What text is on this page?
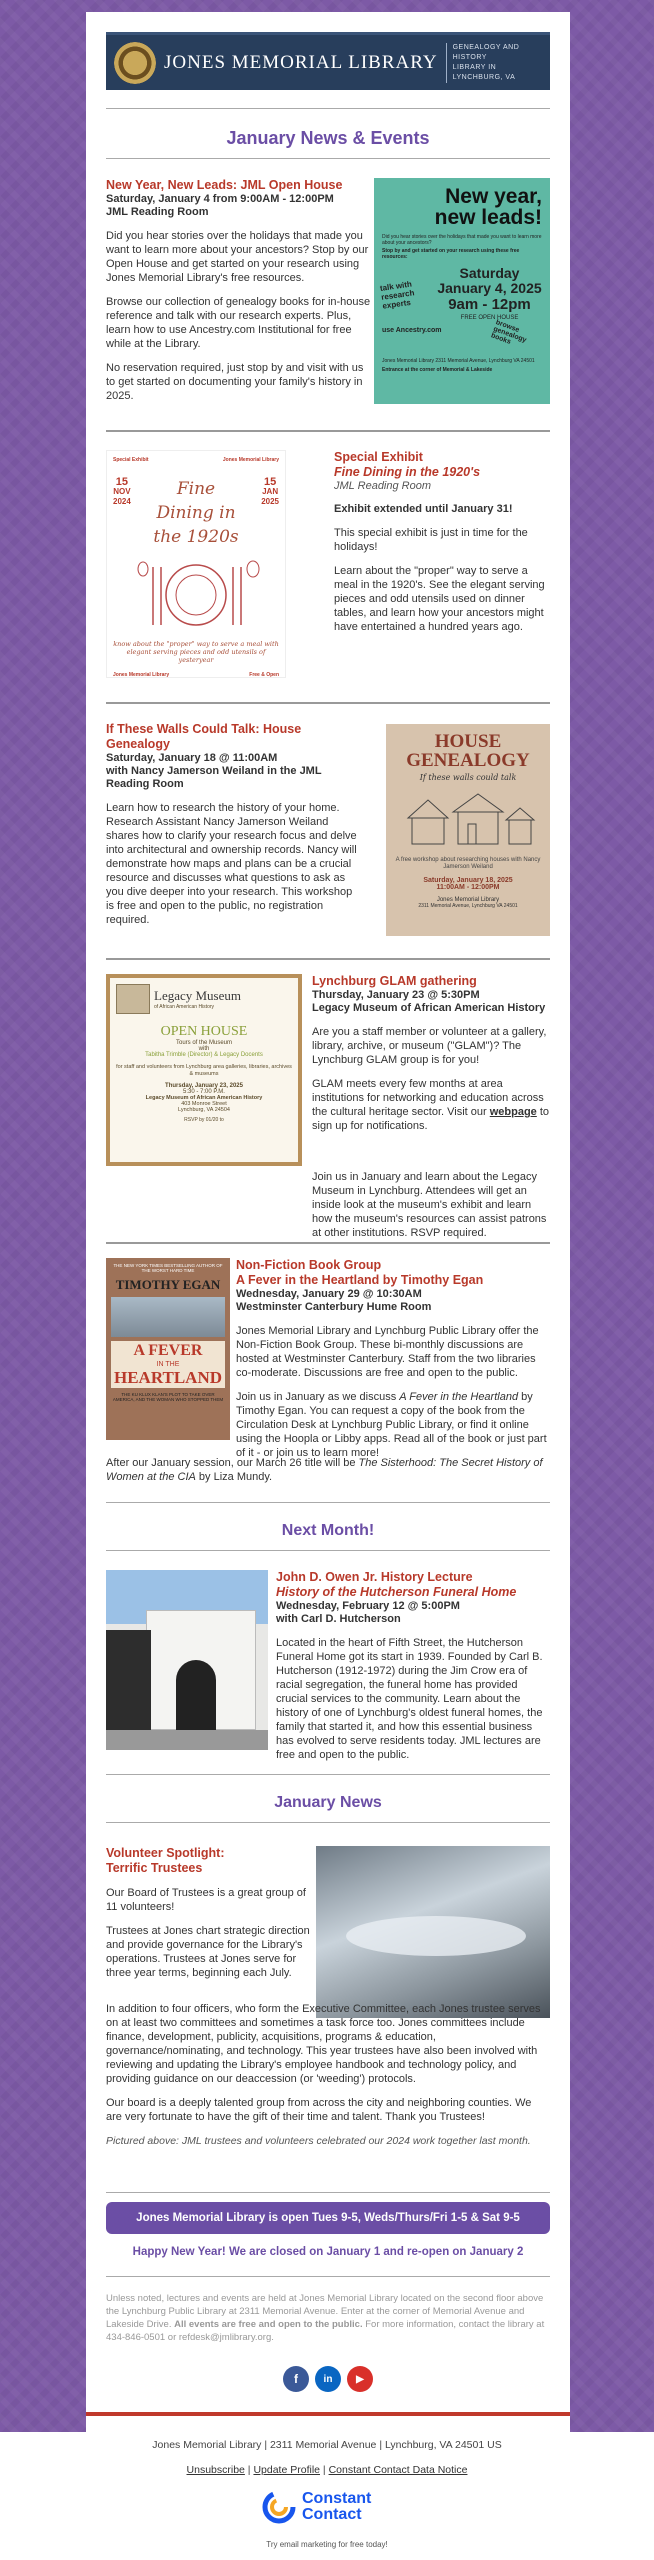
JONES MEMORIAL LIBRARY
GENEALOGY AND HISTORY
LIBRARY IN LYNCHBURG, VA
January News & Events
New Year, New Leads: JML Open House
Saturday, January 4 from 9:00AM - 12:00PM
JML Reading Room

Did you hear stories over the holidays that made you want to learn more about your ancestors? Stop by our Open House and get started on your research using Jones Memorial Library's free resources.

Browse our collection of genealogy books for in-house reference and talk with our research experts. Plus, learn how to use Ancestry.com Institutional for free while at the Library.

No reservation required, just stop by and visit with us to get started on documenting your family's history in 2025.

New year, new leads!
Did you hear stories over the holidays that made you want to learn more about your ancestors?
Stop by and get started on your research using these free resources:
talk with research experts
Saturday January 4, 2025
9am - 12pm
FREE OPEN HOUSE
use Ancestry.com	browse genealogy books
Jones Memorial Library 2311 Memorial Avenue, Lynchburg VA 24501
Entrance at the corner of Memorial & Lakeside
Special Exhibit	Jones Memorial Library
15
NOV
2024
Fine Dining in the 1920s
15
JAN
2025
know about the "proper" way to serve a meal with elegant serving pieces and odd utensils of yesteryear
Jones Memorial Library	Free & Open
Special Exhibit
Fine Dining in the 1920's
JML Reading Room

Exhibit extended until January 31!

This special exhibit is just in time for the holidays!

Learn about the "proper" way to serve a meal in the 1920's. See the elegant serving pieces and odd utensils used on dinner tables, and learn how your ancestors might have entertained a hundred years ago.

If These Walls Could Talk: House Genealogy
Saturday, January 18 @ 11:00AM
with Nancy Jamerson Weiland in the JML Reading Room

Learn how to research the history of your home. Research Assistant Nancy Jamerson Weiland shares how to clarify your research focus and delve into architectural and ownership records. Nancy will demonstrate how maps and plans can be a crucial resource and discusses what questions to ask as you dive deeper into your research. This workshop is free and open to the public, no registration required.

HOUSE GENEALOGY
If these walls could talk
A free workshop about researching houses with Nancy Jamerson Weiland
Saturday, January 18, 2025
11:00AM - 12:00PM
Jones Memorial Library
2311 Memorial Avenue, Lynchburg VA 24501
Legacy Museum
of African American History
OPEN HOUSE
Tours of the Museum
with
Tabitha Trimble (Director) & Legacy Docents
for staff and volunteers from Lynchburg area galleries, libraries, archives & museums
Thursday, January 23, 2025
5:30 - 7:00 P.M.
Legacy Museum of African American History
403 Monroe Street
Lynchburg, VA 24504
RSVP by 01/20 to
Lynchburg GLAM gathering
Thursday, January 23 @ 5:30PM
Legacy Museum of African American History

Are you a staff member or volunteer at a gallery, library, archive, or museum ("GLAM")? The Lynchburg GLAM group is for you!

GLAM meets every few months at area institutions for networking and education across the cultural heritage sector. Visit our webpage to sign up for notifications.

Join us in January and learn about the Legacy Museum in Lynchburg. Attendees will get an inside look at the museum's exhibit and learn how the museum's resources can assist patrons at other institutions. RSVP required.

THE NEW YORK TIMES BESTSELLING AUTHOR OF THE WORST HARD TIME
TIMOTHY EGAN
A FEVER
IN THE
HEARTLAND
THE KU KLUX KLAN'S PLOT TO TAKE OVER AMERICA, AND THE WOMAN WHO STOPPED THEM
Non-Fiction Book Group
A Fever in the Heartland by Timothy Egan
Wednesday, January 29 @ 10:30AM
Westminster Canterbury Hume Room

Jones Memorial Library and Lynchburg Public Library offer the Non-Fiction Book Group. These bi-monthly discussions are hosted at Westminster Canterbury. Staff from the two libraries co-moderate. Discussions are free and open to the public.

Join us in January as we discuss A Fever in the Heartland by Timothy Egan. You can request a copy of the book from the Circulation Desk at Lynchburg Public Library, or find it online using the Hoopla or Libby apps. Read all of the book or just part of it - or join us to learn more!

After our January session, our March 26 title will be The Sisterhood: The Secret History of Women at the CIA by Liza Mundy.

Next Month!
John D. Owen Jr. History Lecture
History of the Hutcherson Funeral Home
Wednesday, February 12 @ 5:00PM
with Carl D. Hutcherson

Located in the heart of Fifth Street, the Hutcherson Funeral Home got its start in 1939. Founded by Carl B. Hutcherson (1912-1972) during the Jim Crow era of racial segregation, the funeral home has provided crucial services to the community. Learn about the history of one of Lynchburg's oldest funeral homes, the family that started it, and how this essential business has evolved to serve residents today. JML lectures are free and open to the public.

January News
Volunteer Spotlight:
Terrific Trustees

Our Board of Trustees is a great group of 11 volunteers!

Trustees at Jones chart strategic direction and provide governance for the Library's operations. Trustees at Jones serve for three year terms, beginning each July.

In addition to four officers, who form the Executive Committee, each Jones trustee serves on at least two committees and sometimes a task force too. Jones committees include finance, development, publicity, acquisitions, programs & education, governance/nominating, and technology. This year trustees have also been involved with reviewing and updating the Library's employee handbook and technology policy, and providing guidance on our deaccession (or 'weeding') protocols.

Our board is a deeply talented group from across the city and neighboring counties. We are very fortunate to have the gift of their time and talent. Thank you Trustees!

Pictured above: JML trustees and volunteers celebrated our 2024 work together last month.

Jones Memorial Library is open Tues 9-5, Weds/Thurs/Fri 1-5 & Sat 9-5
Happy New Year! We are closed on January 1 and re-open on January 2
Unless noted, lectures and events are held at Jones Memorial Library located on the second floor above the Lynchburg Public Library at 2311 Memorial Avenue. Enter at the corner of Memorial Avenue and Lakeside Drive. All events are free and open to the public. For more information, contact the library at 434-846-0501 or refdesk@jmlibrary.org.
f	in	▶
Jones Memorial Library | 2311 Memorial Avenue | Lynchburg, VA 24501 US
Unsubscribe | Update Profile | Constant Contact Data Notice
Constant
Contact
Try email marketing for free today!
